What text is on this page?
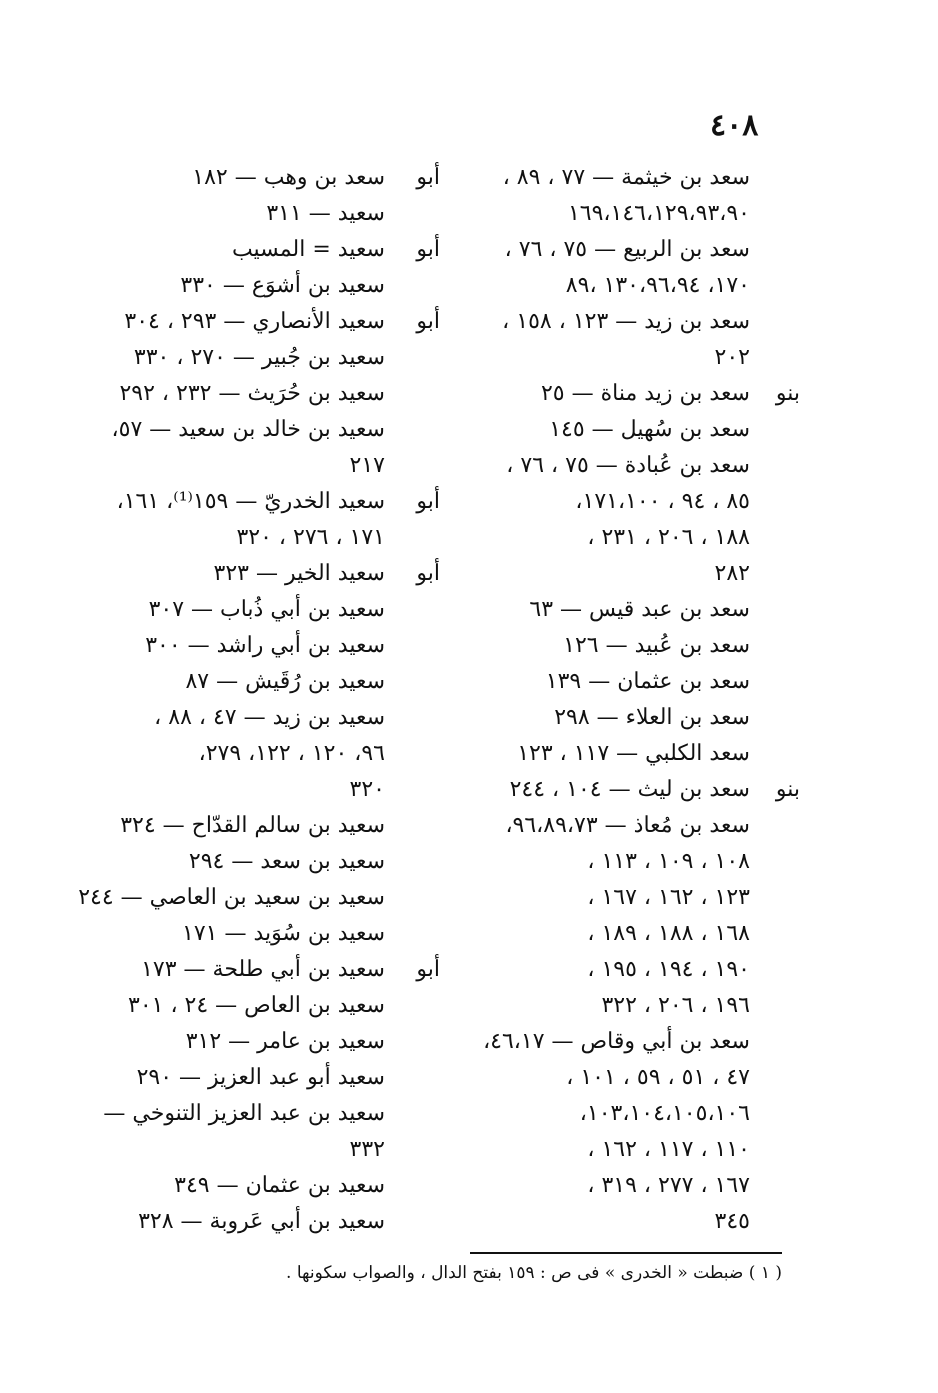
٤٠٨
سعد بن خيثمة — ٧٧ ، ٨٩ ،
١٦٩،١٤٦،١٢٩،٩٣،٩٠
سعد بن الربيع — ٧٥ ، ٧٦ ،
١٧٠، ١٣٠،٩٦،٩٤ ،٨٩
سعد بن زيد — ١٢٣ ، ١٥٨ ،
٢٠٢
بنو
سعد بن زيد مناة — ٢٥
سعد بن سُهيل — ١٤٥
سعد بن عُبادة — ٧٥ ، ٧٦ ،
٨٥ ، ٩٤ ، ١٧١،١٠٠،
١٨٨ ، ٢٠٦ ، ٢٣١ ،
٢٨٢
سعد بن عبد قيس — ٦٣
سعد بن عُبيد — ١٢٦
سعد بن عثمان — ١٣٩
سعد بن العلاء — ٢٩٨
سعد الكلبي — ١١٧ ، ١٢٣
بنو
سعد بن ليث — ١٠٤ ، ٢٤٤
سعد بن مُعاذ — ٩٦،٨٩،٧٣،
١٠٨ ، ١٠٩ ، ١١٣ ،
١٢٣ ، ١٦٢ ، ١٦٧ ،
١٦٨ ، ١٨٨ ، ١٨٩ ،
١٩٠ ، ١٩٤ ، ١٩٥ ،
١٩٦ ، ٢٠٦ ، ٣٢٢
سعد بن أبي وقاص — ٤٦،١٧،
٤٧ ، ٥١ ، ٥٩ ، ١٠١ ،
١٠٣،١٠٤،١٠٥،١٠٦،
١١٠ ، ١١٧ ، ١٦٢ ،
١٦٧ ، ٢٧٧ ، ٣١٩ ،
٣٤٥
أبو
سعد بن وهب — ١٨٢
سعيد — ٣١١
أبو
سعيد = المسيب
سعيد بن أشوَع — ٣٣٠
أبو
سعيد الأنصاري — ٢٩٣ ، ٣٠٤
سعيد بن جُبير — ٢٧٠ ، ٣٣٠
سعيد بن حُرَيث — ٢٣٢ ، ٢٩٢
سعيد بن خالد بن سعيد — ٥٧،
٢١٧
أبو
سعيد الخدريّ — ١٥٩⁽¹⁾، ١٦١،
١٧١ ، ٢٧٦ ، ٣٢٠
أبو
سعيد الخير — ٣٢٣
سعيد بن أبي ذُباب — ٣٠٧
سعيد بن أبي راشد — ٣٠٠
سعيد بن رُقَيش — ٨٧
سعيد بن زيد — ٤٧ ، ٨٨ ،
٩٦، ١٢٠ ، ١٢٢، ٢٧٩،
٣٢٠
سعيد بن سالم القدّاح — ٣٢٤
سعيد بن سعد — ٢٩٤
سعيد بن سعيد بن العاصي — ٢٤٤
سعيد بن سُوَيد — ١٧١
أبو
سعيد بن أبي طلحة — ١٧٣
سعيد بن العاص — ٢٤ ، ٣٠١
سعيد بن عامر — ٣١٢
سعيد أبو عبد العزيز — ٢٩٠
سعيد بن عبد العزيز التنوخي —
٣٣٢
سعيد بن عثمان — ٣٤٩
سعيد بن أبي عَروبة — ٣٢٨
( ١ ) ضبطت « الخدرى » فى ص : ١٥٩ بفتح الدال ، والصواب سكونها .
